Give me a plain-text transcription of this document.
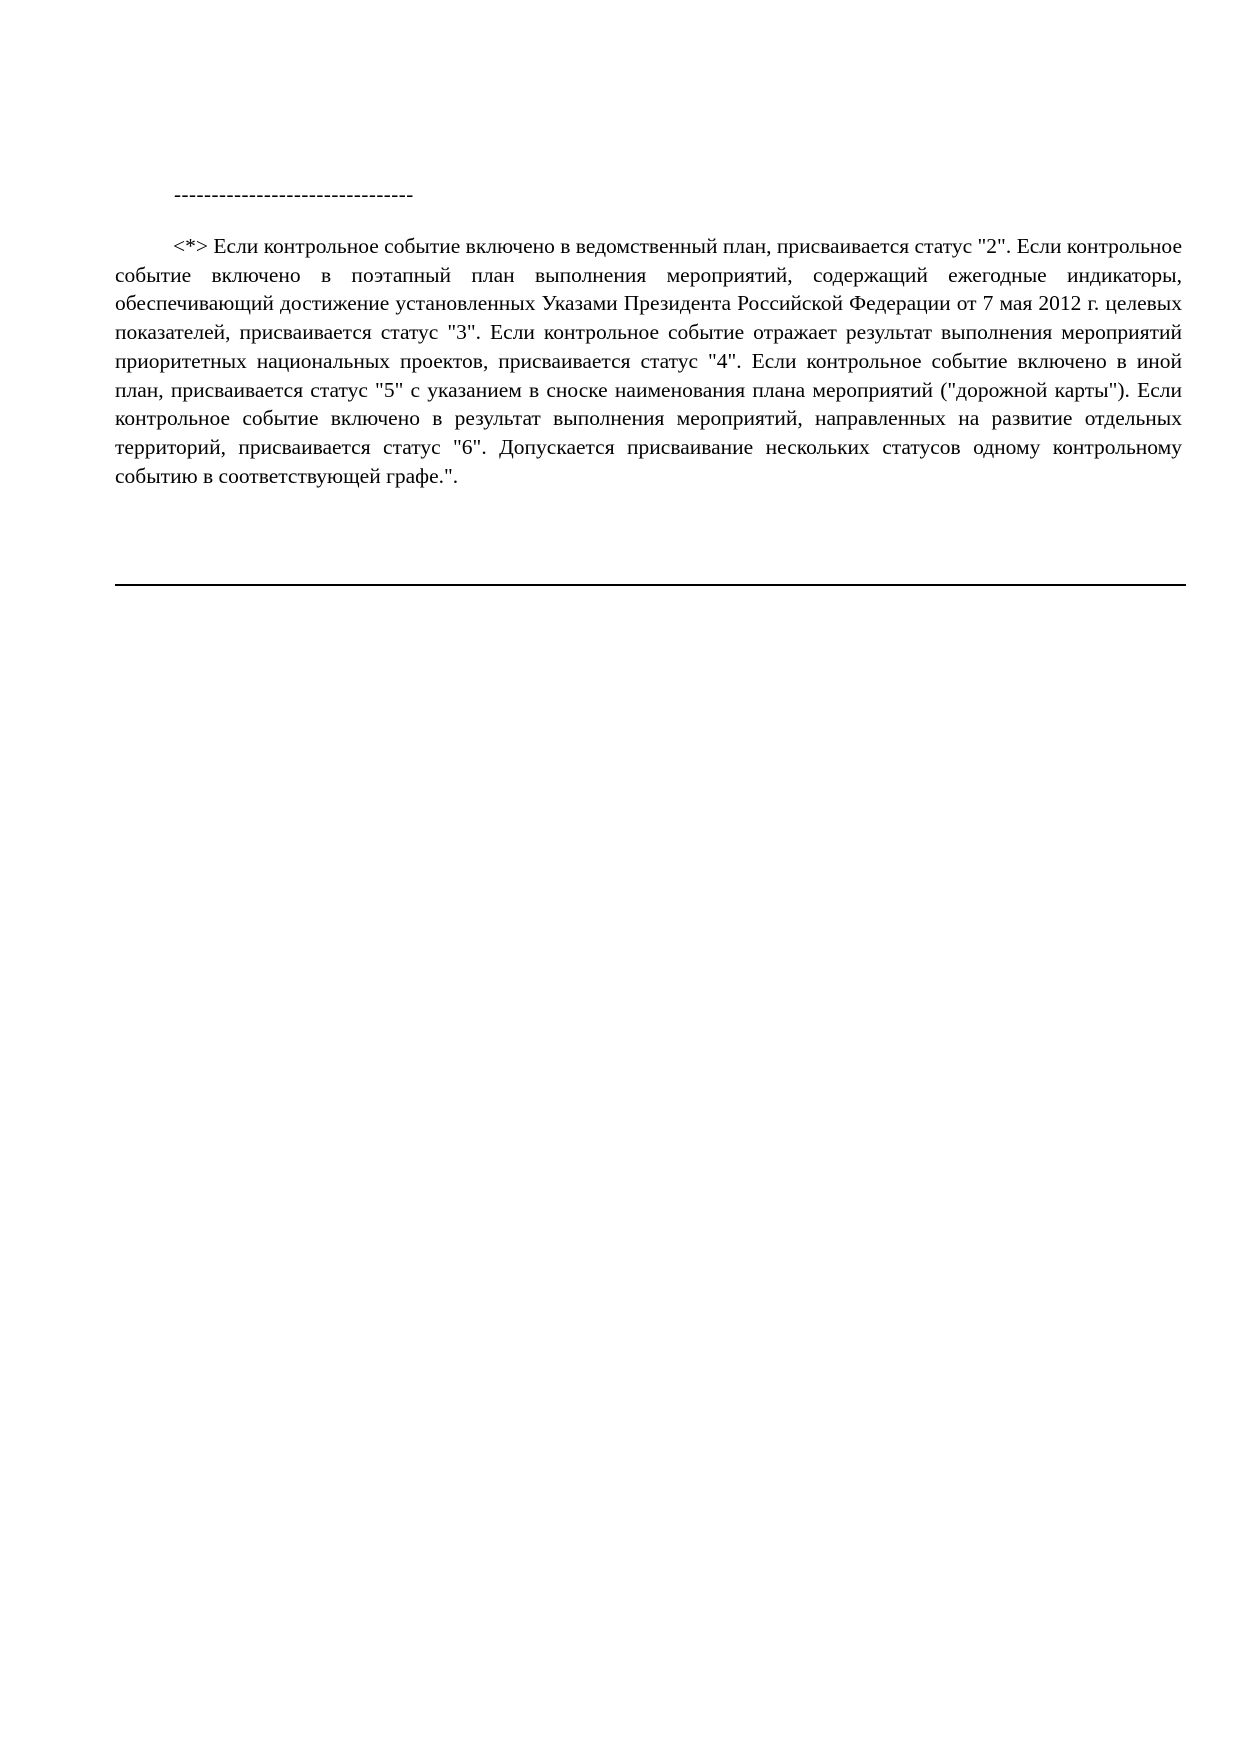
--------------------------------

<*> Если контрольное событие включено в ведомственный план, присваивается статус "2". Если контрольное событие включено в поэтапный план выполнения мероприятий, содержащий ежегодные индикаторы, обеспечивающий достижение установленных Указами Президента Российской Федерации от 7 мая 2012 г. целевых показателей, присваивается статус "3". Если контрольное событие отражает результат выполнения мероприятий приоритетных национальных проектов, присваивается статус "4". Если контрольное событие включено в иной план, присваивается статус "5" с указанием в сноске наименования плана мероприятий ("дорожной карты"). Если контрольное событие включено в результат выполнения мероприятий, направленных на развитие отдельных территорий, присваивается статус "6". Допускается присваивание нескольких статусов одному контрольному событию в соответствующей графе.".
